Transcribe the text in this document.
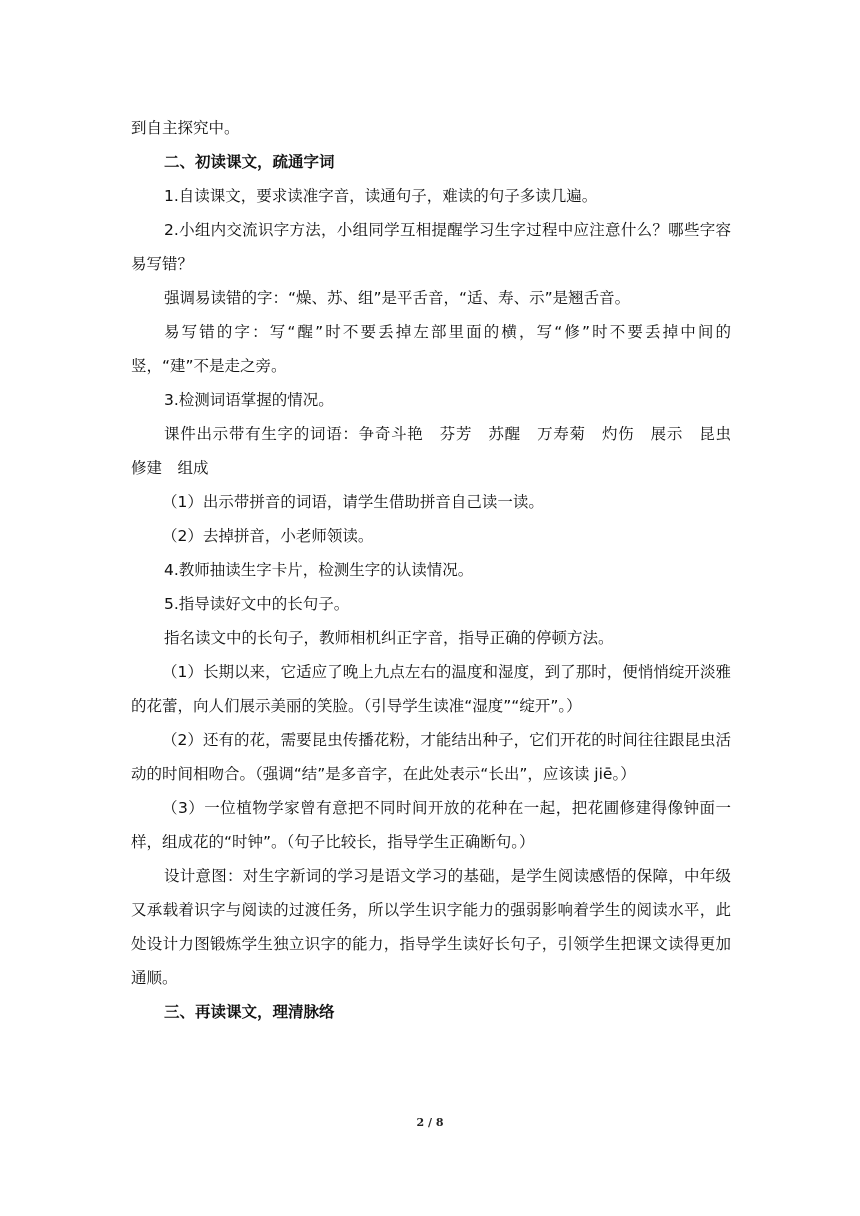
到自主探究中。

二、初读课文，疏通字词

1.自读课文，要求读准字音，读通句子，难读的句子多读几遍。

2.小组内交流识字方法，小组同学互相提醒学习生字过程中应注意什么？哪些字容易写错？

强调易读错的字：“燥、苏、组”是平舌音，“适、寿、示”是翘舌音。

易写错的字：写“醒”时不要丢掉左部里面的横，写“修”时不要丢掉中间的竖，“建”不是走之旁。

3.检测词语掌握的情况。

课件出示带有生字的词语：争奇斗艳　芬芳　苏醒　万寿菊　灼伤　展示　昆虫　修建　组成

（1）出示带拼音的词语，请学生借助拼音自己读一读。

（2）去掉拼音，小老师领读。

4.教师抽读生字卡片，检测生字的认读情况。

5.指导读好文中的长句子。

指名读文中的长句子，教师相机纠正字音，指导正确的停顿方法。

（1）长期以来，它适应了晚上九点左右的温度和湿度，到了那时，便悄悄绽开淡雅的花蕾，向人们展示美丽的笑脸。（引导学生读准“湿度”“绽开”。）

（2）还有的花，需要昆虫传播花粉，才能结出种子，它们开花的时间往往跟昆虫活动的时间相吻合。（强调“结”是多音字，在此处表示“长出”，应该读 jiē。）

（3）一位植物学家曾有意把不同时间开放的花种在一起，把花圃修建得像钟面一样，组成花的“时钟”。（句子比较长，指导学生正确断句。）

设计意图：对生字新词的学习是语文学习的基础，是学生阅读感悟的保障，中年级又承载着识字与阅读的过渡任务，所以学生识字能力的强弱影响着学生的阅读水平，此处设计力图锻炼学生独立识字的能力，指导学生读好长句子，引领学生把课文读得更加通顺。

三、再读课文，理清脉络

2 / 8
